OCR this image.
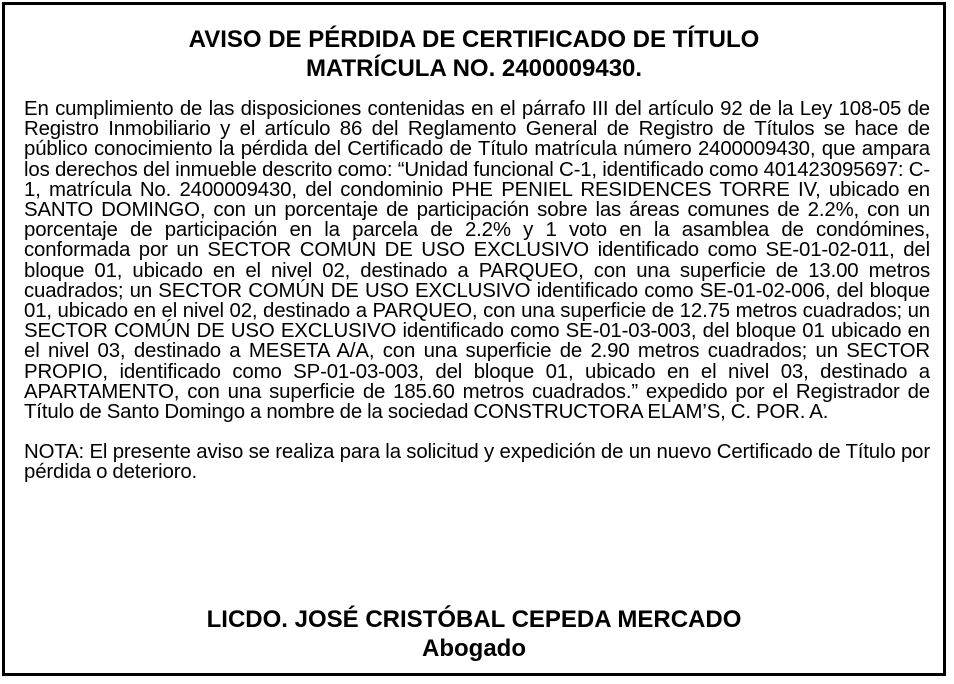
AVISO DE PÉRDIDA DE CERTIFICADO DE TÍTULO
MATRÍCULA NO. 2400009430.

En cumplimiento de las disposiciones contenidas en el párrafo III del artículo 92 de la Ley 108-05 de Registro Inmobiliario y el artículo 86 del Reglamento General de Registro de Títulos se hace de público conocimiento la pérdida del Certificado de Título matrícula número 2400009430, que ampara los derechos del inmueble descrito como: “Unidad funcional C-1, identificado como 401423095697: C-1, matrícula No. 2400009430, del condominio PHE PENIEL RESIDENCES TORRE IV, ubicado en SANTO DOMINGO, con un porcentaje de participación sobre las áreas comunes de 2.2%, con un porcentaje de participación en la parcela de 2.2% y 1 voto en la asamblea de condómines, conformada por un SECTOR COMÚN DE USO EXCLUSIVO identificado como SE-01-02-011, del bloque 01, ubicado en el nivel 02, destinado a PARQUEO, con una superficie de 13.00 metros cuadrados; un SECTOR COMÚN DE USO EXCLUSIVO identificado como SE-01-02-006, del bloque 01, ubicado en el nivel 02, destinado a PARQUEO, con una superficie de 12.75 metros cuadrados; un SECTOR COMÚN DE USO EXCLUSIVO identificado como SE-01-03-003, del bloque 01 ubicado en el nivel 03, destinado a MESETA A/A, con una superficie de 2.90 metros cuadrados; un SECTOR PROPIO, identificado como SP-01-03-003, del bloque 01, ubicado en el nivel 03, destinado a APARTAMENTO, con una superficie de 185.60 metros cuadrados.” expedido por el Registrador de Título de Santo Domingo a nombre de la sociedad CONSTRUCTORA ELAM’S, C. POR. A.

NOTA: El presente aviso se realiza para la solicitud y expedición de un nuevo Certificado de Título por pérdida o deterioro.

LICDO. JOSÉ CRISTÓBAL CEPEDA MERCADO
Abogado
